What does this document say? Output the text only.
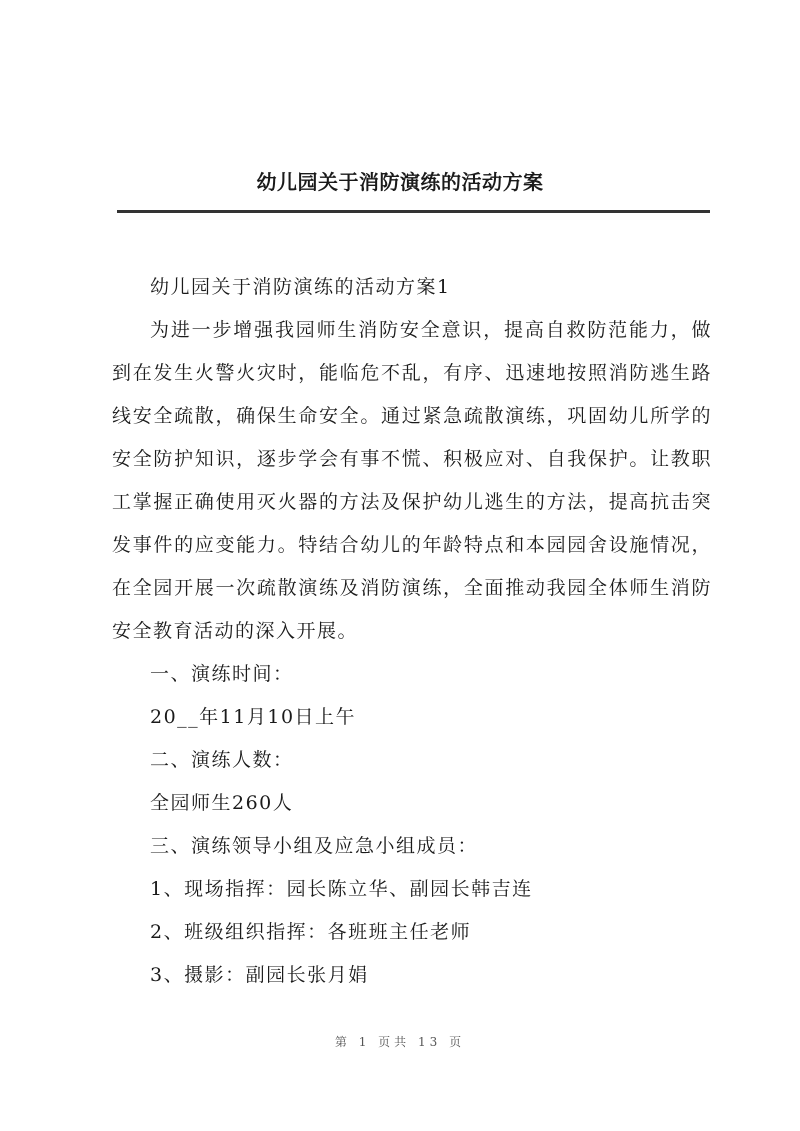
幼儿园关于消防演练的活动方案

幼儿园关于消防演练的活动方案1

为进一步增强我园师生消防安全意识，提高自救防范能力，做到在发生火警火灾时，能临危不乱，有序、迅速地按照消防逃生路线安全疏散，确保生命安全。通过紧急疏散演练，巩固幼儿所学的安全防护知识，逐步学会有事不慌、积极应对、自我保护。让教职工掌握正确使用灭火器的方法及保护幼儿逃生的方法，提高抗击突发事件的应变能力。特结合幼儿的年龄特点和本园园舍设施情况，在全园开展一次疏散演练及消防演练，全面推动我园全体师生消防安全教育活动的深入开展。

一、演练时间：

20__年11月10日上午

二、演练人数：

全园师生260人

三、演练领导小组及应急小组成员：

1、现场指挥：园长陈立华、副园长韩吉连

2、班级组织指挥：各班班主任老师

3、摄影：副园长张月娟

第 1 页共 13 页
